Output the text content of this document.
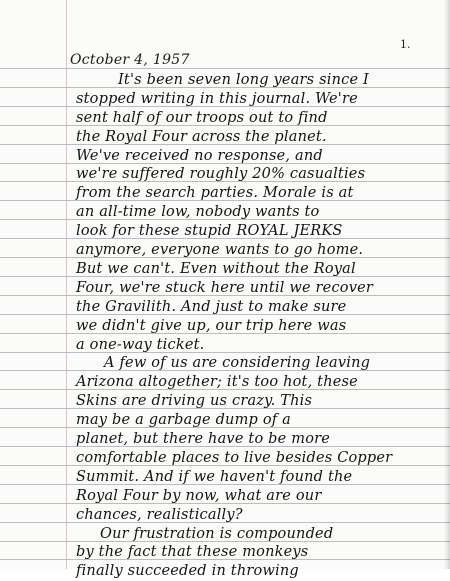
1.
October 4, 1957
It's been seven long years since I
stopped writing in this journal. We're
sent half of our troops out to find
the Royal Four across the planet.
We've received no response, and
we're suffered roughly 20% casualties
from the search parties. Morale is at
an all-time low, nobody wants to
look for these stupid ROYAL JERKS
anymore, everyone wants to go home.
But we can't. Even without the Royal
Four, we're stuck here until we recover
the Gravilith. And just to make sure
we didn't give up, our trip here was
a one-way ticket.
A few of us are considering leaving
Arizona altogether; it's too hot, these
Skins are driving us crazy. This
may be a garbage dump of a
planet, but there have to be more
comfortable places to live besides Copper
Summit. And if we haven't found the
Royal Four by now, what are our
chances, realistically?
Our frustration is compounded
by the fact that these monkeys
finally succeeded in throwing
